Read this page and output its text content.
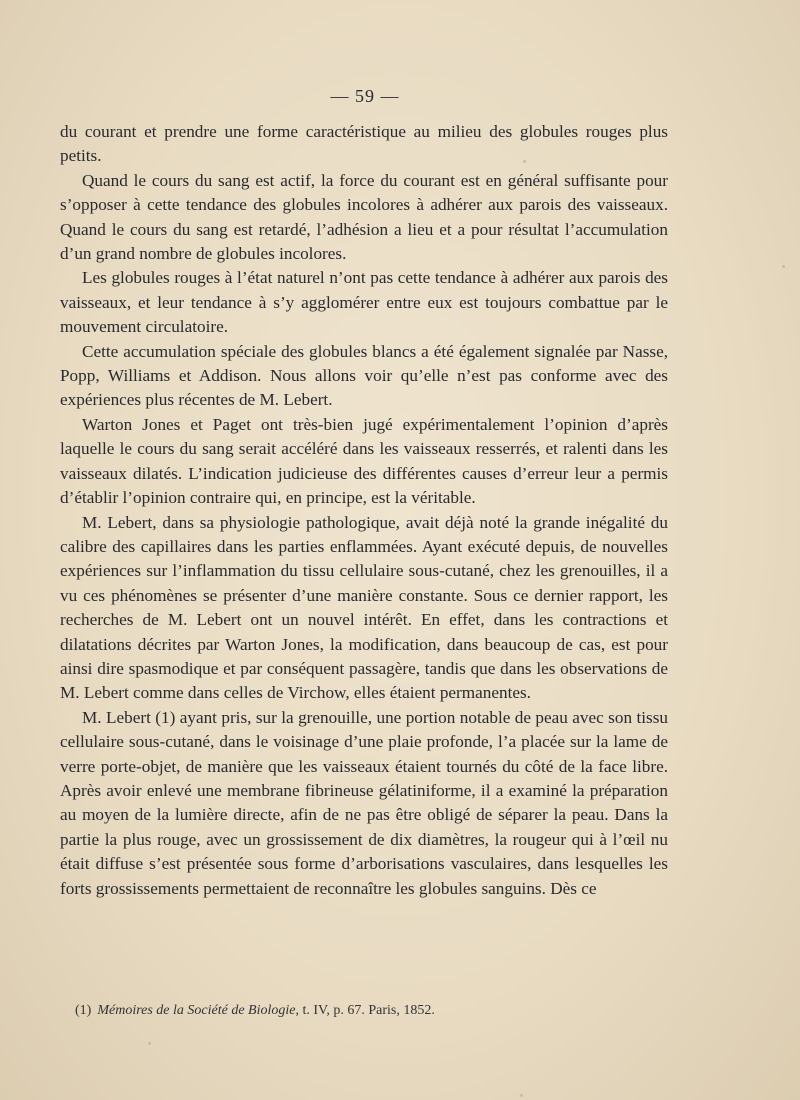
— 59 —

du courant et prendre une forme caractéristique au milieu des globules rouges plus petits.

Quand le cours du sang est actif, la force du courant est en général suffisante pour s’opposer à cette tendance des globules incolores à adhérer aux parois des vaisseaux. Quand le cours du sang est retardé, l’adhésion a lieu et a pour résultat l’accumulation d’un grand nombre de globules incolores.

Les globules rouges à l’état naturel n’ont pas cette tendance à adhérer aux parois des vaisseaux, et leur tendance à s’y agglomérer entre eux est toujours combattue par le mouvement circulatoire.

Cette accumulation spéciale des globules blancs a été également signalée par Nasse, Popp, Williams et Addison. Nous allons voir qu’elle n’est pas conforme avec des expériences plus récentes de M. Lebert.

Warton Jones et Paget ont très-bien jugé expérimentalement l’opinion d’après laquelle le cours du sang serait accéléré dans les vaisseaux resserrés, et ralenti dans les vaisseaux dilatés. L’indication judicieuse des différentes causes d’erreur leur a permis d’établir l’opinion contraire qui, en principe, est la véritable.

M. Lebert, dans sa physiologie pathologique, avait déjà noté la grande inégalité du calibre des capillaires dans les parties enflammées. Ayant exécuté depuis, de nouvelles expériences sur l’inflammation du tissu cellulaire sous-cutané, chez les grenouilles, il a vu ces phénomènes se présenter d’une manière constante. Sous ce dernier rapport, les recherches de M. Lebert ont un nouvel intérêt. En effet, dans les contractions et dilatations décrites par Warton Jones, la modification, dans beaucoup de cas, est pour ainsi dire spasmodique et par conséquent passagère, tandis que dans les observations de M. Lebert comme dans celles de Virchow, elles étaient permanentes.

M. Lebert (1) ayant pris, sur la grenouille, une portion notable de peau avec son tissu cellulaire sous-cutané, dans le voisinage d’une plaie profonde, l’a placée sur la lame de verre porte-objet, de manière que les vaisseaux étaient tournés du côté de la face libre. Après avoir enlevé une membrane fibrineuse gélatiniforme, il a examiné la préparation au moyen de la lumière directe, afin de ne pas être obligé de séparer la peau. Dans la partie la plus rouge, avec un grossissement de dix diamètres, la rougeur qui à l’œil nu était diffuse s’est présentée sous forme d’arborisations vasculaires, dans lesquelles les forts grossissements permettaient de reconnaître les globules sanguins. Dès ce

(1) Mémoires de la Société de Biologie, t. IV, p. 67. Paris, 1852.
